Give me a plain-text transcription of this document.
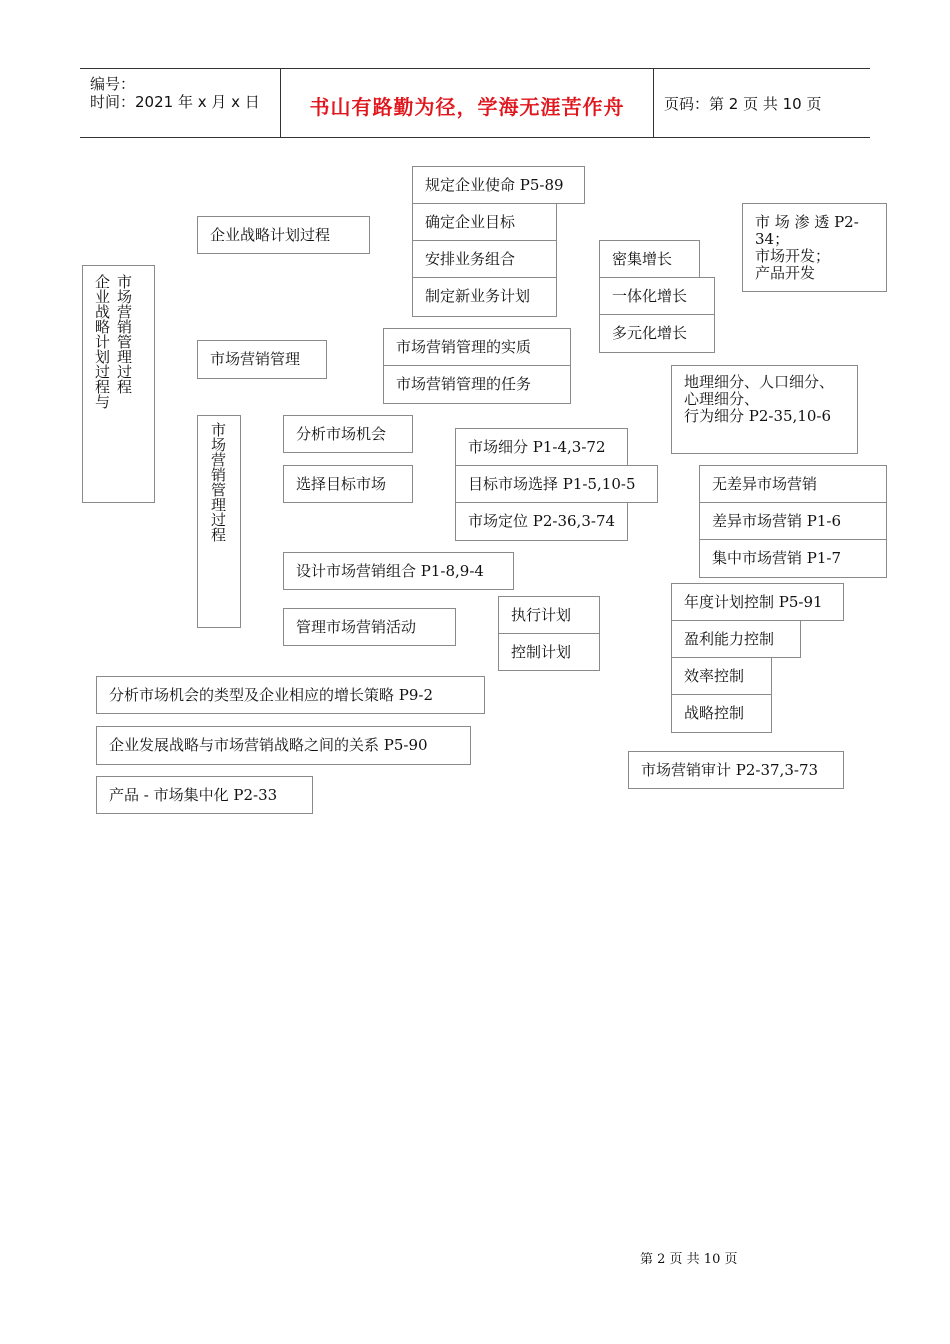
编号：
时间：2021 年 x 月 x 日	书山有路勤为径，学海无涯苦作舟	页码：第 2 页 共 10 页
企业战略计划过程与 市场营销管理过程
企业战略计划过程
规定企业使命 P5-89
确定企业目标
安排业务组合
制定新业务计划
密集增长
一体化增长
多元化增长
市 场 渗 透 P2-34；
市场开发；
产品开发
市场营销管理
市场营销管理的实质
市场营销管理的任务	地理细分、人口细分、
心理细分、
行为细分 P2-35,10-6
市场营销管理过程	分析市场机会
选择目标市场
市场细分 P1-4,3-72
目标市场选择 P1-5,10-5
市场定位 P2-36,3-74
无差异市场营销
差异市场营销 P1-6
集中市场营销 P1-7
设计市场营销组合 P1-8,9-4
管理市场营销活动
执行计划
控制计划
年度计划控制 P5-91
盈利能力控制
效率控制
战略控制
市场营销审计 P2-37,3-73
分析市场机会的类型及企业相应的增长策略 P9-2
企业发展战略与市场营销战略之间的关系 P5-90
产品 - 市场集中化 P2-33
第 2 页 共 10 页
